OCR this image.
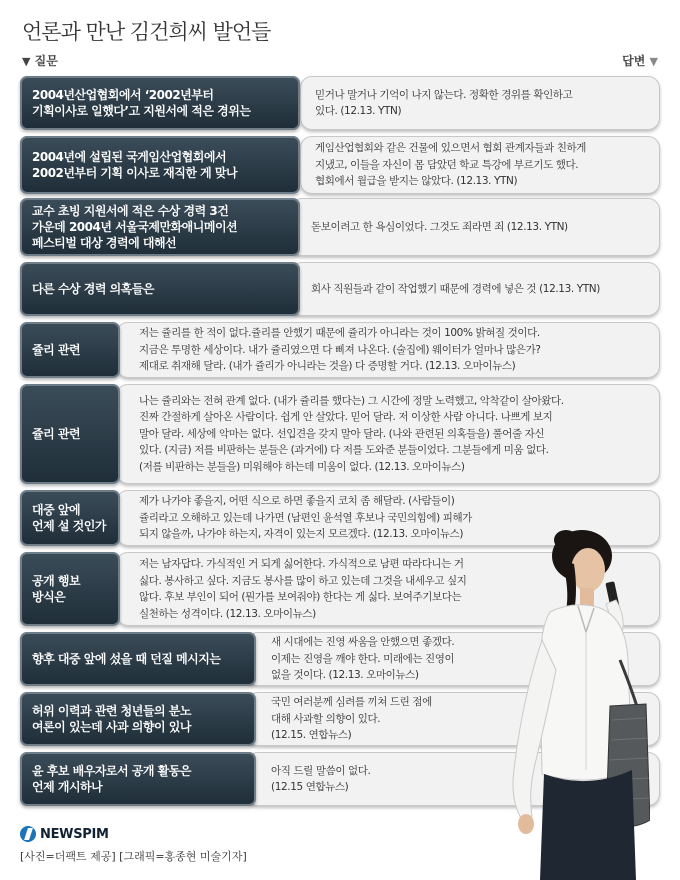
언론과 만난 김건희씨 발언들
▼ 질문	답변 ▼
믿거나 말거나 기억이 나지 않는다. 정확한 경위를 확인하고
있다. (12.13. YTN)
2004년산업협회에서 ‘2002년부터
기획이사로 일했다’고 지원서에 적은 경위는
게임산업협회와 같은 건물에 있으면서 협회 관계자들과 친하게
지냈고, 이들을 자신이 몸 담았던 학교 특강에 부르기도 했다.
협회에서 월급을 받지는 않았다. (12.13. YTN)
2004년에 설립된 국게임산업협회에서
2002년부터 기획 이사로 재직한 게 맞나
돋보이려고 한 욕심이었다. 그것도 죄라면 죄 (12.13. YTN)
교수 초빙 지원서에 적은 수상 경력 3건
가운데 2004년 서울국제만화애니메이션
페스티벌 대상 경력에 대해선
회사 직원들과 같이 작업했기 때문에 경력에 넣은 것 (12.13. YTN)
다른 수상 경력 의혹들은
저는 쥴리를 한 적이 없다.쥴리를 안했기 때문에 쥴리가 아니라는 것이 100% 밝혀질 것이다.
지금은 투명한 세상이다. 내가 쥴리였으면 다 삐져 나온다. (술집에) 웨이터가 얼마나 많은가?
제대로 취재해 달라. (내가 쥴리가 아니라는 것을) 다 증명할 거다. (12.13. 오마이뉴스)
쥴리 관련
나는 쥴리와는 전혀 관계 없다. (내가 쥴리를 했다는) 그 시간에 정말 노력했고, 악착같이 살아왔다.
진짜 간절하게 살아온 사람이다. 쉽게 안 살았다. 믿어 달라. 저 이상한 사람 아니다. 나쁘게 보지
말아 달라. 세상에 악마는 없다. 선입견을 갖지 말아 달라. (나와 관련된 의혹들을) 풀어줄 자신
있다. (지금) 저를 비판하는 분들은 (과거에) 다 저를 도와준 분들이었다. 그분들에게 미움 없다.
(저를 비판하는 분들을) 미워해야 하는데 미움이 없다. (12.13. 오마이뉴스)
쥴리 관련
제가 나가야 좋을지, 어떤 식으로 하면 좋을지 코치 좀 해달라. (사람들이)
쥴리라고 오해하고 있는데 나가면 (남편인 윤석열 후보나 국민의힘에) 피해가
되지 않을까, 나가야 하는지, 자격이 있는지 모르겠다. (12.13. 오마이뉴스)
대중 앞에
언제 설 것인가
저는 남자답다. 가식적인 거 되게 싫어한다. 가식적으로 남편 따라다니는 거
싫다. 봉사하고 싶다. 지금도 봉사를 많이 하고 있는데 그것을 내세우고 싶지
않다. 후보 부인이 되어 (뭔가를 보여줘야) 한다는 게 싫다. 보여주기보다는
실천하는 성격이다. (12.13. 오마이뉴스)
공개 행보
방식은
새 시대에는 진영 싸움을 안했으면 좋겠다.
이제는 진영을 깨야 한다. 미래에는 진영이
없을 것이다. (12.13. 오마이뉴스)
향후 대중 앞에 섰을 때 던질 메시지는
국민 여러분께 심려를 끼쳐 드린 점에
대해 사과할 의향이 있다.
(12.15. 연합뉴스)
허위 이력과 관련 청년들의 분노
여론이 있는데 사과 의향이 있나
아직 드릴 말씀이 없다.
(12.15 연합뉴스)
윤 후보 배우자로서 공개 활동은
언제 개시하나
NEWSPIM
[사진=더팩트 제공] [그래픽=홍종현 미술기자]
